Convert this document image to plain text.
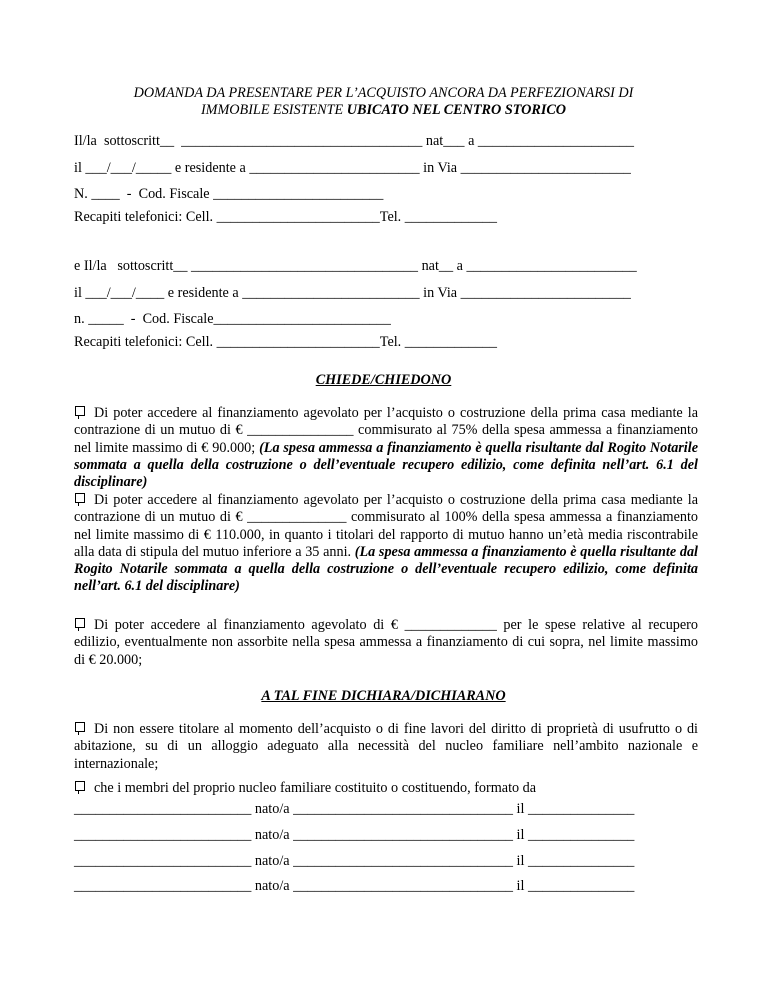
DOMANDA DA PRESENTARE PER L’ACQUISTO ANCORA DA PERFEZIONARSI DI
IMMOBILE ESISTENTE UBICATO NEL CENTRO STORICO
Il/la  sottoscritt__  __________________________________ nat___ a ______________________
il ___/___/_____ e residente a ________________________ in Via ________________________
N. ____  -  Cod. Fiscale ________________________
Recapiti telefonici: Cell. _______________________Tel. _____________
e Il/la   sottoscritt__ ________________________________ nat__ a ________________________
il ___/___/____ e residente a _________________________ in Via ________________________
n. _____  -  Cod. Fiscale_________________________
Recapiti telefonici: Cell. _______________________Tel. _____________
CHIEDE/CHIEDONO
Di poter accedere al finanziamento agevolato per l’acquisto o costruzione della prima casa mediante la contrazione di un mutuo di € _______________ commisurato al 75% della spesa ammessa a finanziamento nel limite massimo di € 90.000; (La spesa ammessa a finanziamento è quella risultante dal Rogito Notarile sommata a quella della costruzione o dell’eventuale recupero edilizio, come definita nell’art. 6.1 del disciplinare)
Di poter accedere al finanziamento agevolato per l’acquisto o costruzione della prima casa mediante la contrazione di un mutuo di € ______________ commisurato al 100% della spesa ammessa a finanziamento nel limite massimo di € 110.000, in quanto i titolari del rapporto di mutuo hanno un’età media riscontrabile alla data di stipula del mutuo inferiore a 35 anni. (La spesa ammessa a finanziamento è quella risultante dal Rogito Notarile sommata a quella della costruzione o dell’eventuale recupero edilizio, come definita nell’art. 6.1 del disciplinare)
Di poter accedere al finanziamento agevolato di € _____________ per le spese relative al recupero edilizio, eventualmente non assorbite nella spesa ammessa a finanziamento di cui sopra, nel limite massimo di € 20.000;
A TAL FINE DICHIARA/DICHIARANO
Di non essere titolare al momento dell’acquisto o di fine lavori del diritto di proprietà di usufrutto o di abitazione, su di un alloggio adeguato alla necessità del nucleo familiare nell’ambito nazionale e internazionale;
che i membri del proprio nucleo familiare costituito o costituendo, formato da
_________________________ nato/a _______________________________ il _______________
_________________________ nato/a _______________________________ il _______________
_________________________ nato/a _______________________________ il _______________
_________________________ nato/a _______________________________ il _______________
